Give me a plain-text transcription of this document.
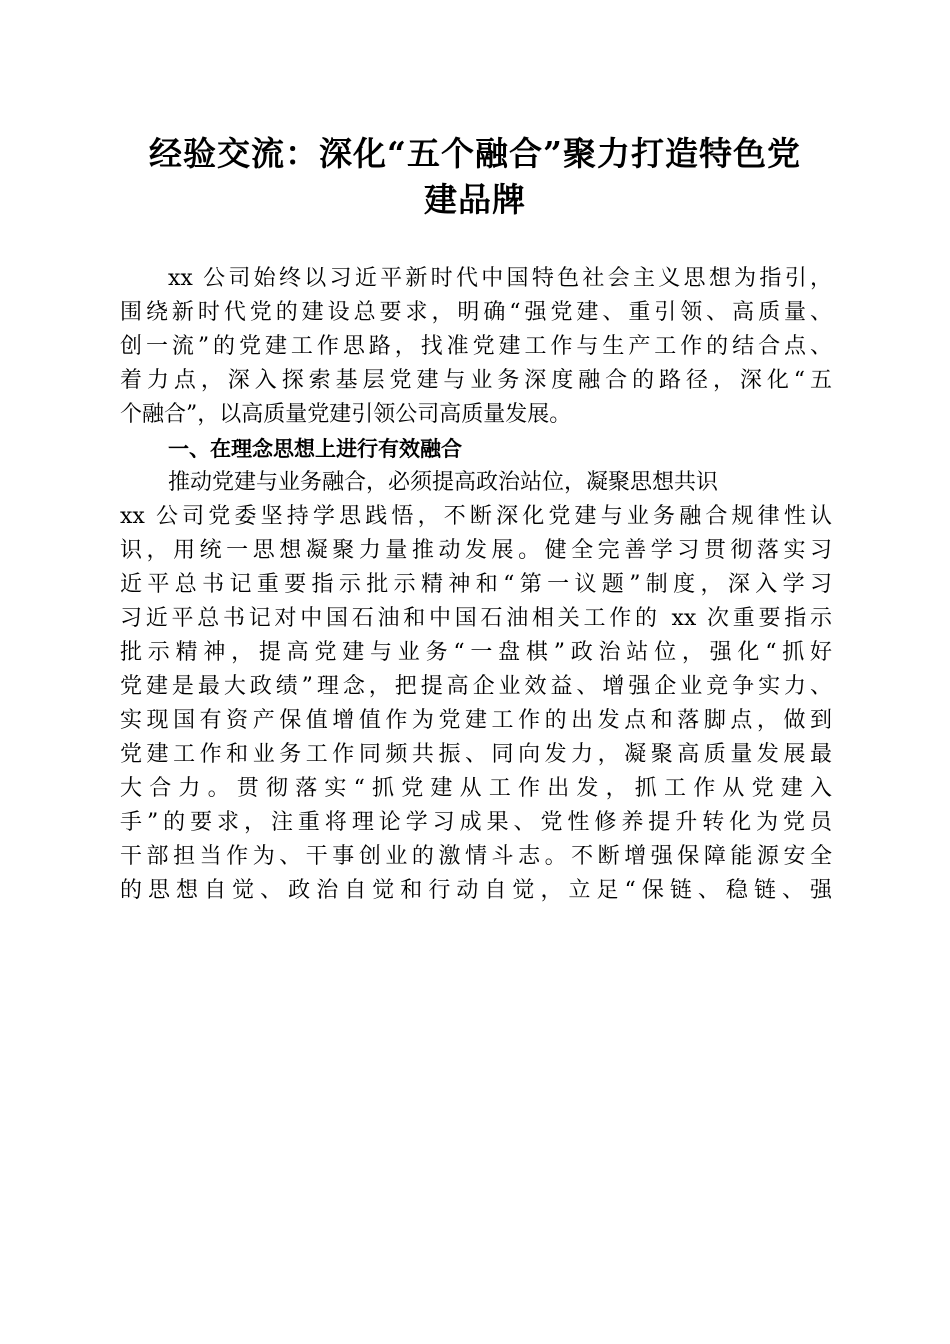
经验交流：深化“五个融合”聚力打造特色党
建品牌
xx 公司始终以习近平新时代中国特色社会主义思想为指引，
围绕新时代党的建设总要求，明确“强党建、重引领、高质量、
创一流”的党建工作思路，找准党建工作与生产工作的结合点、
着力点，深入探索基层党建与业务深度融合的路径，深化“五
个融合”，以高质量党建引领公司高质量发展。
一、在理念思想上进行有效融合
推动党建与业务融合，必须提高政治站位，凝聚思想共识
xx 公司党委坚持学思践悟，不断深化党建与业务融合规律性认
识，用统一思想凝聚力量推动发展。健全完善学习贯彻落实习
近平总书记重要指示批示精神和“第一议题”制度，深入学习
习近平总书记对中国石油和中国石油相关工作的 xx 次重要指示
批示精神，提高党建与业务“一盘棋”政治站位，强化“抓好
党建是最大政绩”理念，把提高企业效益、增强企业竞争实力、
实现国有资产保值增值作为党建工作的出发点和落脚点，做到
党建工作和业务工作同频共振、同向发力，凝聚高质量发展最
大合力。贯彻落实“抓党建从工作出发，抓工作从党建入
手”的要求，注重将理论学习成果、党性修养提升转化为党员
干部担当作为、干事创业的激情斗志。不断增强保障能源安全
的思想自觉、政治自觉和行动自觉，立足“保链、稳链、强
